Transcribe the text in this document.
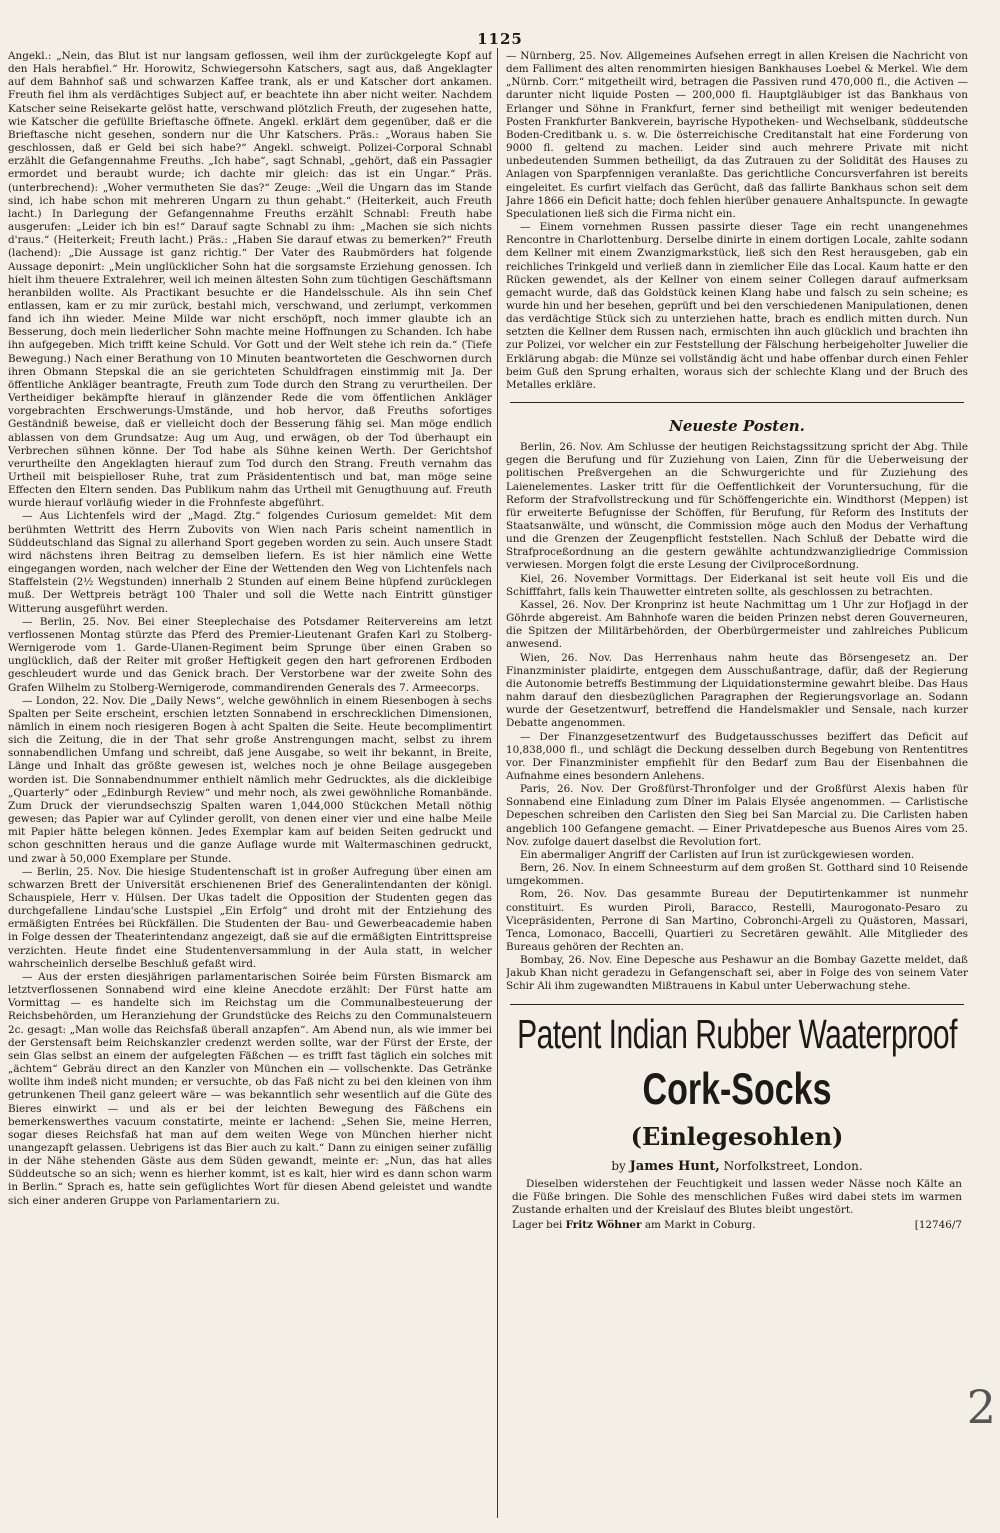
1125

Angekl.: „Nein, das Blut ist nur langsam geflossen, weil ihm der zurückgelegte Kopf auf den Hals herabfiel.“ Hr. Horowitz, Schwiegersohn Katschers, sagt aus, daß Angeklagter auf dem Bahnhof saß und schwarzen Kaffee trank, als er und Katscher dort ankamen. Freuth fiel ihm als verdächtiges Subject auf, er beachtete ihn aber nicht weiter. Nachdem Katscher seine Reisekarte gelöst hatte, verschwand plötzlich Freuth, der zugesehen hatte, wie Katscher die gefüllte Brieftasche öffnete. Angekl. erklärt dem gegenüber, daß er die Brieftasche nicht gesehen, sondern nur die Uhr Katschers. Präs.: „Woraus haben Sie geschlossen, daß er Geld bei sich habe?“ Angekl. schweigt. Polizei-Corporal Schnabl erzählt die Gefangennahme Freuths. „Ich habe“, sagt Schnabl, „gehört, daß ein Passagier ermordet und beraubt wurde; ich dachte mir gleich: das ist ein Ungar.“ Präs. (unterbrechend): „Woher vermutheten Sie das?“ Zeuge: „Weil die Ungarn das im Stande sind, ich habe schon mit mehreren Ungarn zu thun gehabt.“ (Heiterkeit, auch Freuth lacht.) In Darlegung der Gefangennahme Freuths erzählt Schnabl: Freuth habe ausgerufen: „Leider ich bin es!“ Darauf sagte Schnabl zu ihm: „Machen sie sich nichts d'raus.“ (Heiterkeit; Freuth lacht.) Präs.: „Haben Sie darauf etwas zu bemerken?“ Freuth (lachend): „Die Aussage ist ganz richtig.“ Der Vater des Raubmörders hat folgende Aussage deponirt: „Mein unglücklicher Sohn hat die sorgsamste Erziehung genossen. Ich hielt ihm theuere Extralehrer, weil ich meinen ältesten Sohn zum tüchtigen Geschäftsmann heranbilden wollte. Als Practikant besuchte er die Handelsschule. Als ihn sein Chef entlassen, kam er zu mir zurück, bestahl mich, verschwand, und zerlumpt, verkommen fand ich ihn wieder. Meine Milde war nicht erschöpft, noch immer glaubte ich an Besserung, doch mein liederlicher Sohn machte meine Hoffnungen zu Schanden. Ich habe ihn aufgegeben. Mich trifft keine Schuld. Vor Gott und der Welt stehe ich rein da.“ (Tiefe Bewegung.) Nach einer Berathung von 10 Minuten beantworteten die Geschwornen durch ihren Obmann Stepskal die an sie gerichteten Schuldfragen einstimmig mit Ja. Der öffentliche Ankläger beantragte, Freuth zum Tode durch den Strang zu verurtheilen. Der Vertheidiger bekämpfte hierauf in glänzender Rede die vom öffentlichen Ankläger vorgebrachten Erschwerungs-Umstände, und hob hervor, daß Freuths sofortiges Geständniß beweise, daß er vielleicht doch der Besserung fähig sei. Man möge endlich ablassen von dem Grundsatze: Aug um Aug, und erwägen, ob der Tod überhaupt ein Verbrechen sühnen könne. Der Tod habe als Sühne keinen Werth. Der Gerichtshof verurtheilte den Angeklagten hierauf zum Tod durch den Strang. Freuth vernahm das Urtheil mit beispielloser Ruhe, trat zum Präsidententisch und bat, man möge seine Effecten den Eltern senden. Das Publikum nahm das Urtheil mit Genugthuung auf. Freuth wurde hierauf vorläufig wieder in die Frohnfeste abgeführt.

— Aus Lichtenfels wird der „Magd. Ztg.“ folgendes Curiosum gemeldet: Mit dem berühmten Wettritt des Herrn Zubovits von Wien nach Paris scheint namentlich in Süddeutschland das Signal zu allerhand Sport gegeben worden zu sein. Auch unsere Stadt wird nächstens ihren Beitrag zu demselben liefern. Es ist hier nämlich eine Wette eingegangen worden, nach welcher der Eine der Wettenden den Weg von Lichtenfels nach Staffelstein (2½ Wegstunden) innerhalb 2 Stunden auf einem Beine hüpfend zurücklegen muß. Der Wettpreis beträgt 100 Thaler und soll die Wette nach Eintritt günstiger Witterung ausgeführt werden.

— Berlin, 25. Nov. Bei einer Steeplechaise des Potsdamer Reitervereins am letzt verflossenen Montag stürzte das Pferd des Premier-Lieutenant Grafen Karl zu Stolberg-Wernigerode vom 1. Garde-Ulanen-Regiment beim Sprunge über einen Graben so unglücklich, daß der Reiter mit großer Heftigkeit gegen den hart gefrorenen Erdboden geschleudert wurde und das Genick brach. Der Verstorbene war der zweite Sohn des Grafen Wilhelm zu Stolberg-Wernigerode, commandirenden Generals des 7. Armeecorps.

— London, 22. Nov. Die „Daily News“, welche gewöhnlich in einem Riesenbogen à sechs Spalten per Seite erscheint, erschien letzten Sonnabend in erschrecklichen Dimensionen, nämlich in einem noch riesigeren Bogen à acht Spalten die Seite. Heute becomplimentirt sich die Zeitung, die in der That sehr große Anstrengungen macht, selbst zu ihrem sonnabendlichen Umfang und schreibt, daß jene Ausgabe, so weit ihr bekannt, in Breite, Länge und Inhalt das größte gewesen ist, welches noch je ohne Beilage ausgegeben worden ist. Die Sonnabendnummer enthielt nämlich mehr Gedrucktes, als die dickleibige „Quarterly“ oder „Edinburgh Review“ und mehr noch, als zwei gewöhnliche Romanbände. Zum Druck der vierundsechszig Spalten waren 1,044,000 Stückchen Metall nöthig gewesen; das Papier war auf Cylinder gerollt, von denen einer vier und eine halbe Meile mit Papier hätte belegen können. Jedes Exemplar kam auf beiden Seiten gedruckt und schon geschnitten heraus und die ganze Auflage wurde mit Waltermaschinen gedruckt, und zwar à 50,000 Exemplare per Stunde.

— Berlin, 25. Nov. Die hiesige Studentenschaft ist in großer Aufregung über einen am schwarzen Brett der Universität erschienenen Brief des Generalintendanten der königl. Schauspiele, Herr v. Hülsen. Der Ukas tadelt die Opposition der Studenten gegen das durchgefallene Lindau'sche Lustspiel „Ein Erfolg“ und droht mit der Entziehung des ermäßigten Entrées bei Rückfällen. Die Studenten der Bau- und Gewerbeacademie haben in Folge dessen der Theaterintendanz angezeigt, daß sie auf die ermäßigten Eintrittspreise verzichten. Heute findet eine Studentenversammlung in der Aula statt, in welcher wahrscheinlich derselbe Beschluß gefaßt wird.

— Aus der ersten diesjährigen parlamentarischen Soirée beim Fürsten Bismarck am letztverflossenen Sonnabend wird eine kleine Anecdote erzählt: Der Fürst hatte am Vormittag — es handelte sich im Reichstag um die Communalbesteuerung der Reichsbehörden, um Heranziehung der Grundstücke des Reichs zu den Communalsteuern 2c. gesagt: „Man wolle das Reichsfaß überall anzapfen“. Am Abend nun, als wie immer bei der Gerstensaft beim Reichskanzler credenzt werden sollte, war der Fürst der Erste, der sein Glas selbst an einem der aufgelegten Fäßchen — es trifft fast täglich ein solches mit „ächtem“ Gebräu direct an den Kanzler von München ein — vollschenkte. Das Getränke wollte ihm indeß nicht munden; er versuchte, ob das Faß nicht zu bei den kleinen von ihm getrunkenen Theil ganz geleert wäre — was bekanntlich sehr wesentlich auf die Güte des Bieres einwirkt — und als er bei der leichten Bewegung des Fäßchens ein bemerkenswerthes vacuum constatirte, meinte er lachend: „Sehen Sie, meine Herren, sogar dieses Reichsfaß hat man auf dem weiten Wege von München hierher nicht unangezapft gelassen. Uebrigens ist das Bier auch zu kalt.“ Dann zu einigen seiner zufällig in der Nähe stehenden Gäste aus dem Süden gewandt, meinte er: „Nun, das hat alles Süddeutsche so an sich; wenn es hierher kommt, ist es kalt, hier wird es dann schon warm in Berlin.“ Sprach es, hatte sein gefüglichtes Wort für diesen Abend geleistet und wandte sich einer anderen Gruppe von Parlamentariern zu.

— Nürnberg, 25. Nov. Allgemeines Aufsehen erregt in allen Kreisen die Nachricht von dem Falliment des alten renommirten hiesigen Bankhauses Loebel & Merkel. Wie dem „Nürnb. Corr.“ mitgetheilt wird, betragen die Passiven rund 470,000 fl., die Activen — darunter nicht liquide Posten — 200,000 fl. Hauptgläubiger ist das Bankhaus von Erlanger und Söhne in Frankfurt, ferner sind betheiligt mit weniger bedeutenden Posten Frankfurter Bankverein, bayrische Hypotheken- und Wechselbank, süddeutsche Boden-Creditbank u. s. w. Die österreichische Creditanstalt hat eine Forderung von 9000 fl. geltend zu machen. Leider sind auch mehrere Private mit nicht unbedeutenden Summen betheiligt, da das Zutrauen zu der Solidität des Hauses zu Anlagen von Sparpfennigen veranlaßte. Das gerichtliche Concursverfahren ist bereits eingeleitet. Es curfirt vielfach das Gerücht, daß das fallirte Bankhaus schon seit dem Jahre 1866 ein Deficit hatte; doch fehlen hierüber genauere Anhaltspuncte. In gewagte Speculationen ließ sich die Firma nicht ein.

— Einem vornehmen Russen passirte dieser Tage ein recht unangenehmes Rencontre in Charlottenburg. Derselbe dinirte in einem dortigen Locale, zahlte sodann dem Kellner mit einem Zwanzigmarkstück, ließ sich den Rest herausgeben, gab ein reichliches Trinkgeld und verließ dann in ziemlicher Eile das Local. Kaum hatte er den Rücken gewendet, als der Kellner von einem seiner Collegen darauf aufmerksam gemacht wurde, daß das Goldstück keinen Klang habe und falsch zu sein scheine; es wurde hin und her besehen, geprüft und bei den verschiedenen Manipulationen, denen das verdächtige Stück sich zu unterziehen hatte, brach es endlich mitten durch. Nun setzten die Kellner dem Russen nach, ermischten ihn auch glücklich und brachten ihn zur Polizei, vor welcher ein zur Feststellung der Fälschung herbeigeholter Juwelier die Erklärung abgab: die Münze sei vollständig ächt und habe offenbar durch einen Fehler beim Guß den Sprung erhalten, woraus sich der schlechte Klang und der Bruch des Metalles erkläre.

Neueste Posten.

Berlin, 26. Nov. Am Schlusse der heutigen Reichstagssitzung spricht der Abg. Thile gegen die Berufung und für Zuziehung von Laien, Zinn für die Ueberweisung der politischen Preßvergehen an die Schwurgerichte und für Zuziehung des Laienelementes. Lasker tritt für die Oeffentlichkeit der Voruntersuchung, für die Reform der Strafvollstreckung und für Schöffengerichte ein. Windthorst (Meppen) ist für erweiterte Befugnisse der Schöffen, für Berufung, für Reform des Instituts der Staatsanwälte, und wünscht, die Commission möge auch den Modus der Verhaftung und die Grenzen der Zeugenpflicht feststellen. Nach Schluß der Debatte wird die Strafproceßordnung an die gestern gewählte achtundzwanzigliedrige Commission verwiesen. Morgen folgt die erste Lesung der Civilproceßordnung.

Kiel, 26. November Vormittags. Der Eiderkanal ist seit heute voll Eis und die Schifffahrt, falls kein Thauwetter eintreten sollte, als geschlossen zu betrachten.

Kassel, 26. Nov. Der Kronprinz ist heute Nachmittag um 1 Uhr zur Hofjagd in der Göhrde abgereist. Am Bahnhofe waren die beiden Prinzen nebst deren Gouverneuren, die Spitzen der Militärbehörden, der Oberbürgermeister und zahlreiches Publicum anwesend.

Wien, 26. Nov. Das Herrenhaus nahm heute das Börsengesetz an. Der Finanzminister plaidirte, entgegen dem Ausschußantrage, dafür, daß der Regierung die Autonomie betreffs Bestimmung der Liquidationstermine gewahrt bleibe. Das Haus nahm darauf den diesbezüglichen Paragraphen der Regierungsvorlage an. Sodann wurde der Gesetzentwurf, betreffend die Handelsmakler und Sensale, nach kurzer Debatte angenommen.

— Der Finanzgesetzentwurf des Budgetausschusses beziffert das Deficit auf 10,838,000 fl., und schlägt die Deckung desselben durch Begebung von Rententitres vor. Der Finanzminister empfiehlt für den Bedarf zum Bau der Eisenbahnen die Aufnahme eines besondern Anlehens.

Paris, 26. Nov. Der Großfürst-Thronfolger und der Großfürst Alexis haben für Sonnabend eine Einladung zum Dîner im Palais Elysée angenommen. — Carlistische Depeschen schreiben den Carlisten den Sieg bei San Marcial zu. Die Carlisten haben angeblich 100 Gefangene gemacht. — Einer Privatdepesche aus Buenos Aires vom 25. Nov. zufolge dauert daselbst die Revolution fort.

Ein abermaliger Angriff der Carlisten auf Irun ist zurückgewiesen worden.

Bern, 26. Nov. In einem Schneesturm auf dem großen St. Gotthard sind 10 Reisende umgekommen.

Rom, 26. Nov. Das gesammte Bureau der Deputirtenkammer ist nunmehr constituirt. Es wurden Piroli, Baracco, Restelli, Maurogonato-Pesaro zu Vicepräsidenten, Perrone di San Martino, Cobronchi-Argeli zu Quästoren, Massari, Tenca, Lomonaco, Baccelli, Quartieri zu Secretären gewählt. Alle Mitglieder des Bureaus gehören der Rechten an.

Bombay, 26. Nov. Eine Depesche aus Peshawur an die Bombay Gazette meldet, daß Jakub Khan nicht geradezu in Gefangenschaft sei, aber in Folge des von seinem Vater Schir Ali ihm zugewandten Mißtrauens in Kabul unter Ueberwachung stehe.

Patent Indian Rubber Waaterproof
Cork-Socks
(Einlegesohlen)
by James Hunt, Norfolkstreet, London.

Dieselben widerstehen der Feuchtigkeit und lassen weder Nässe noch Kälte an die Füße bringen. Die Sohle des menschlichen Fußes wird dabei stets im warmen Zustande erhalten und der Kreislauf des Blutes bleibt ungestört.

Lager bei Fritz Wöhner am Markt in Coburg.	[12746/7
2
